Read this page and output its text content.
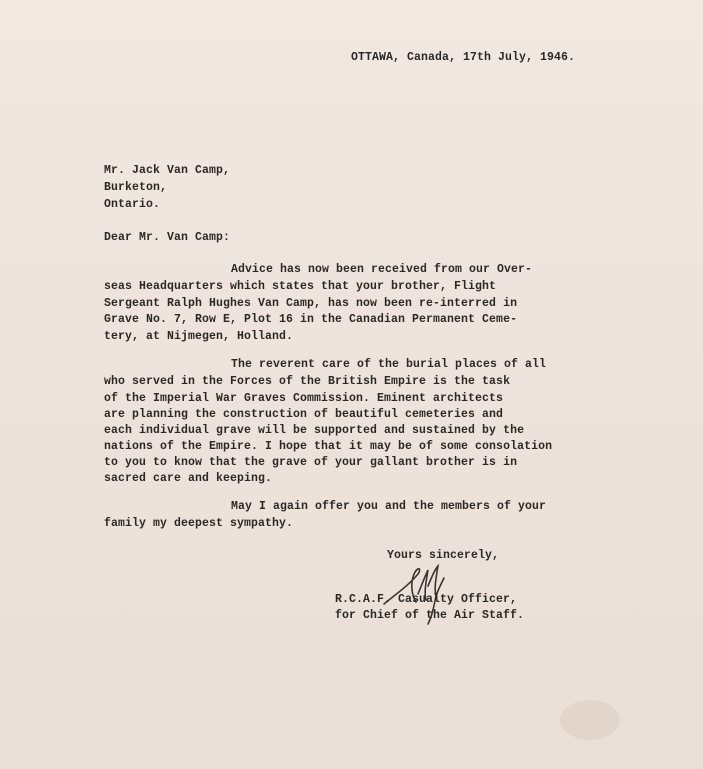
OTTAWA, Canada, 17th July, 1946.
Mr. Jack Van Camp,
Burketon,
Ontario.
Dear Mr. Van Camp:
Advice has now been received from our Over-
seas Headquarters which states that your brother, Flight
Sergeant Ralph Hughes Van Camp, has now been re-interred in
Grave No. 7, Row E, Plot 16 in the Canadian Permanent Ceme-
tery, at Nijmegen, Holland.
The reverent care of the burial places of all
who served in the Forces of the British Empire is the task
of the Imperial War Graves Commission. Eminent architects
are planning the construction of beautiful cemeteries and
each individual grave will be supported and sustained by the
nations of the Empire. I hope that it may be of some consolation
to you to know that the grave of your gallant brother is in
sacred care and keeping.
May I again offer you and the members of your
family my deepest sympathy.
Yours sincerely,
R.C.A.F. Casualty Officer,
for Chief of the Air Staff.
